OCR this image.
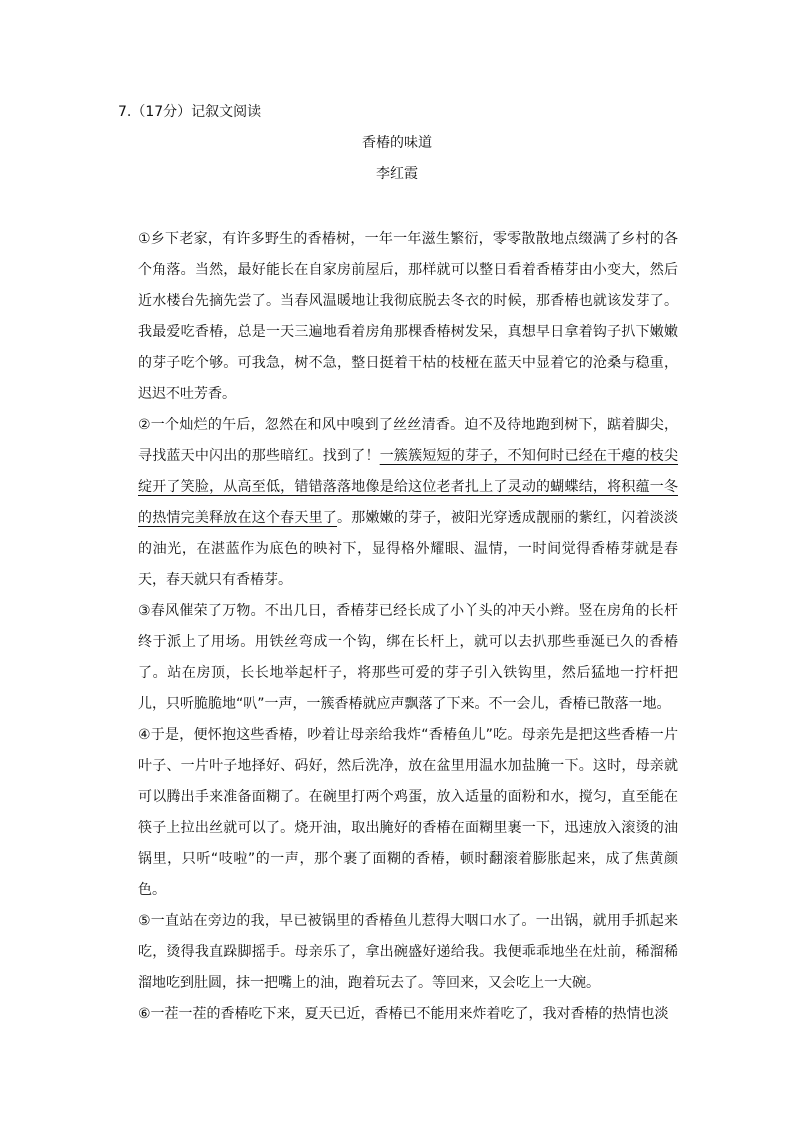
7.（17分）记叙文阅读
香椿的味道
李红霞

①乡下老家，有许多野生的香椿树，一年一年滋生繁衍，零零散散地点缀满了乡村的各个角落。当然，最好能长在自家房前屋后，那样就可以整日看着香椿芽由小变大，然后近水楼台先摘先尝了。当春风温暖地让我彻底脱去冬衣的时候，那香椿也就该发芽了。我最爱吃香椿，总是一天三遍地看着房角那棵香椿树发呆，真想早日拿着钩子扒下嫩嫩的芽子吃个够。可我急，树不急，整日挺着干枯的枝桠在蓝天中显着它的沧桑与稳重，迟迟不吐芳香。

②一个灿烂的午后，忽然在和风中嗅到了丝丝清香。迫不及待地跑到树下，踮着脚尖，寻找蓝天中闪出的那些暗红。找到了！一簇簇短短的芽子，不知何时已经在干瘪的枝尖绽开了笑脸，从高至低，错错落落地像是给这位老者扎上了灵动的蝴蝶结，将积蕴一冬的热情完美释放在这个春天里了。那嫩嫩的芽子，被阳光穿透成靓丽的紫红，闪着淡淡的油光，在湛蓝作为底色的映衬下，显得格外耀眼、温情，一时间觉得香椿芽就是春天，春天就只有香椿芽。

③春风催荣了万物。不出几日，香椿芽已经长成了小丫头的冲天小辫。竖在房角的长杆终于派上了用场。用铁丝弯成一个钩，绑在长杆上，就可以去扒那些垂涎已久的香椿了。站在房顶，长长地举起杆子，将那些可爱的芽子引入铁钩里，然后猛地一拧杆把儿，只听脆脆地“叭”一声，一簇香椿就应声飘落了下来。不一会儿，香椿已散落一地。

④于是，便怀抱这些香椿，吵着让母亲给我炸“香椿鱼儿”吃。母亲先是把这些香椿一片叶子、一片叶子地择好、码好，然后洗净，放在盆里用温水加盐腌一下。这时，母亲就可以腾出手来准备面糊了。在碗里打两个鸡蛋，放入适量的面粉和水，搅匀，直至能在筷子上拉出丝就可以了。烧开油，取出腌好的香椿在面糊里裹一下，迅速放入滚烫的油锅里，只听“吱啦”的一声，那个裹了面糊的香椿，顿时翻滚着膨胀起来，成了焦黄颜色。

⑤一直站在旁边的我，早已被锅里的香椿鱼儿惹得大咽口水了。一出锅，就用手抓起来吃，烫得我直跺脚摇手。母亲乐了，拿出碗盛好递给我。我便乖乖地坐在灶前，稀溜稀溜地吃到肚圆，抹一把嘴上的油，跑着玩去了。等回来，又会吃上一大碗。

⑥一茬一茬的香椿吃下来，夏天已近，香椿已不能用来炸着吃了，我对香椿的热情也淡
